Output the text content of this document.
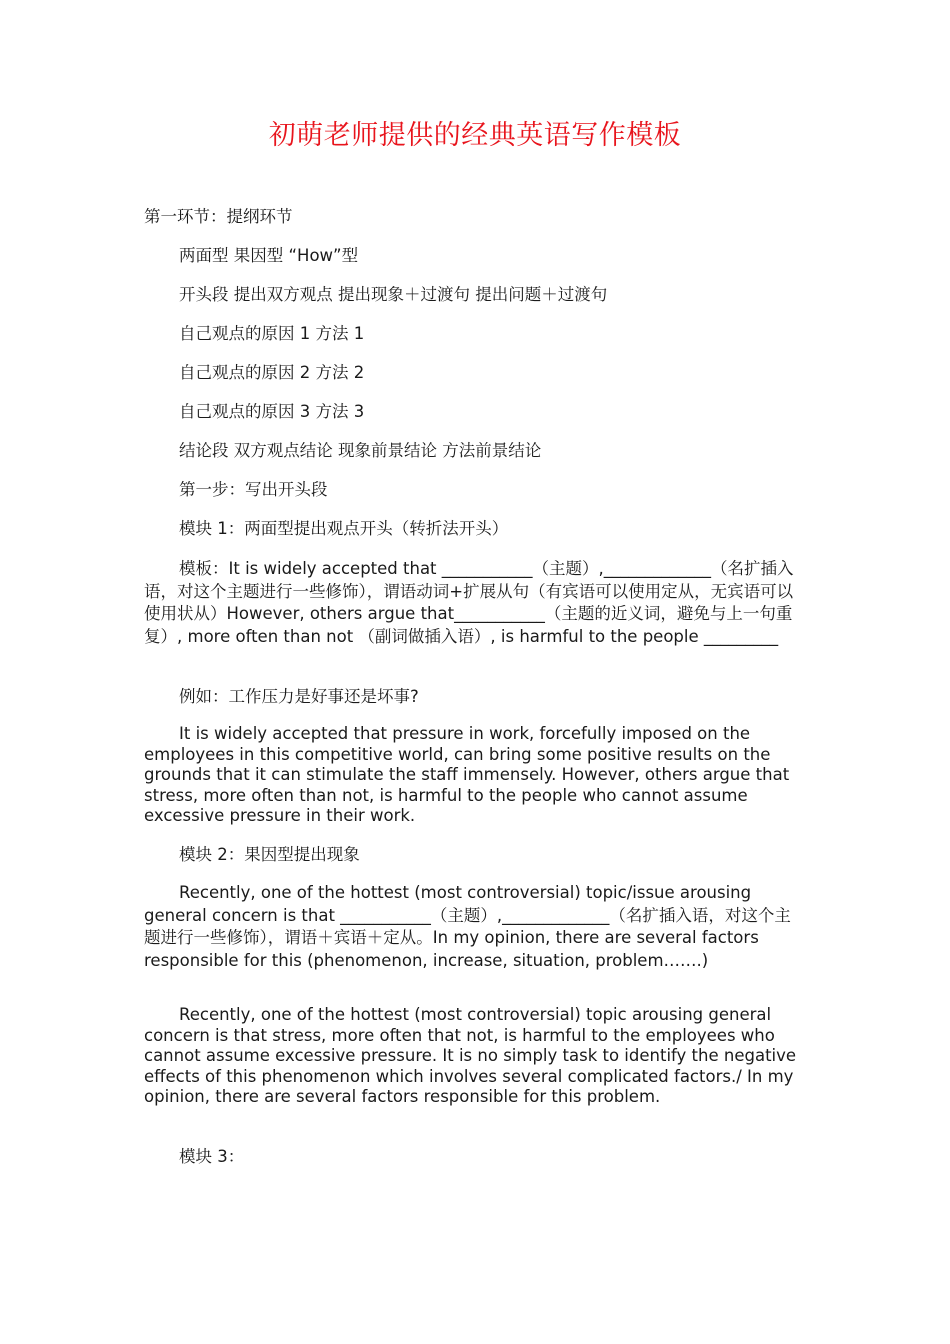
初萌老师提供的经典英语写作模板
第一环节：提纲环节
两面型 果因型 “How”型
开头段 提出双方观点 提出现象＋过渡句 提出问题＋过渡句
自己观点的原因 1 方法 1
自己观点的原因 2 方法 2
自己观点的原因 3 方法 3
结论段 双方观点结论 现象前景结论 方法前景结论
第一步：写出开头段
模块 1：两面型提出观点开头（转折法开头）

模板：It is widely accepted that ___________（主题）,_____________（名扩插入语，对这个主题进行一些修饰），谓语动词+扩展从句（有宾语可以使用定从，无宾语可以使用状从）However, others argue that___________（主题的近义词，避免与上一句重复）, more often than not （副词做插入语）, is harmful to the people _________

例如：工作压力是好事还是坏事?

It is widely accepted that pressure in work, forcefully imposed on the employees in this competitive world, can bring some positive results on the grounds that it can stimulate the staff immensely. However, others argue that stress, more often than not, is harmful to the people who cannot assume excessive pressure in their work.

模块 2：果因型提出现象

Recently, one of the hottest (most controversial) topic/issue arousing general concern is that ___________（主题）,_____________（名扩插入语，对这个主题进行一些修饰），谓语＋宾语＋定从。In my opinion, there are several factors responsible for this (phenomenon, increase, situation, problem…….)

Recently, one of the hottest (most controversial) topic arousing general concern is that stress, more often that not, is harmful to the employees who cannot assume excessive pressure. It is no simply task to identify the negative effects of this phenomenon which involves several complicated factors./ In my opinion, there are several factors responsible for this problem.

模块 3：
